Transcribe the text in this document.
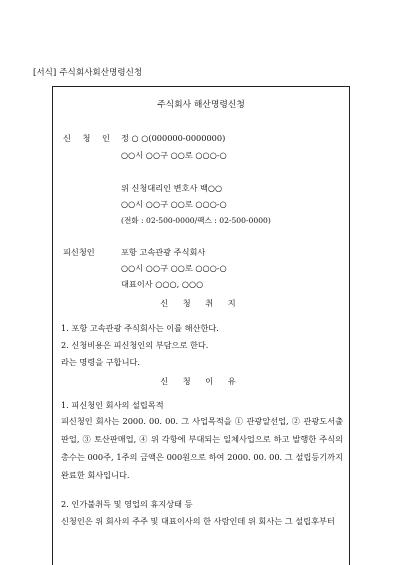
[서식] 주식회사회산명령신청
주식회사 해산명령신청
신 청 인 정 ○ ○(000000-0000000)
○○시 ○○구 ○○로 ○○○-○
위 신청대리인 변호사 백○○
○○시 ○○구 ○○로 ○○○-○
(전화 : 02-500-0000/팩스 : 02-500-0000)
피신청인	포항 고속관광 주식회사
○○시 ○○구 ○○로 ○○○-○
대표이사 ○○○, ○○○
신 청 취 지
1. 포항 고속관광 주식회사는 이를 해산한다.
2. 신청비용은 피신청인의 부담으로 한다.
라는 명령을 구합니다.
신 청 이 유
1. 피신청인 회사의 설립목적
피신청인 회사는 2000. 00. 00. 그 사업목적을 ① 관광알선업, ② 관광도서출판업, ③ 토산판매업, ④ 위 각항에 부대되는 일체사업으로 하고 발행한 주식의 총수는 000주, 1주의 금액은 000원으로 하여 2000. 00. 00. 그 설립등기까지 완료한 회사입니다.
2. 인가불취득 및 영업의 휴지상태 등
신청인은 위 회사의 주주 및 대표이사의 한 사람인데 위 회사는 그 설립후부터
